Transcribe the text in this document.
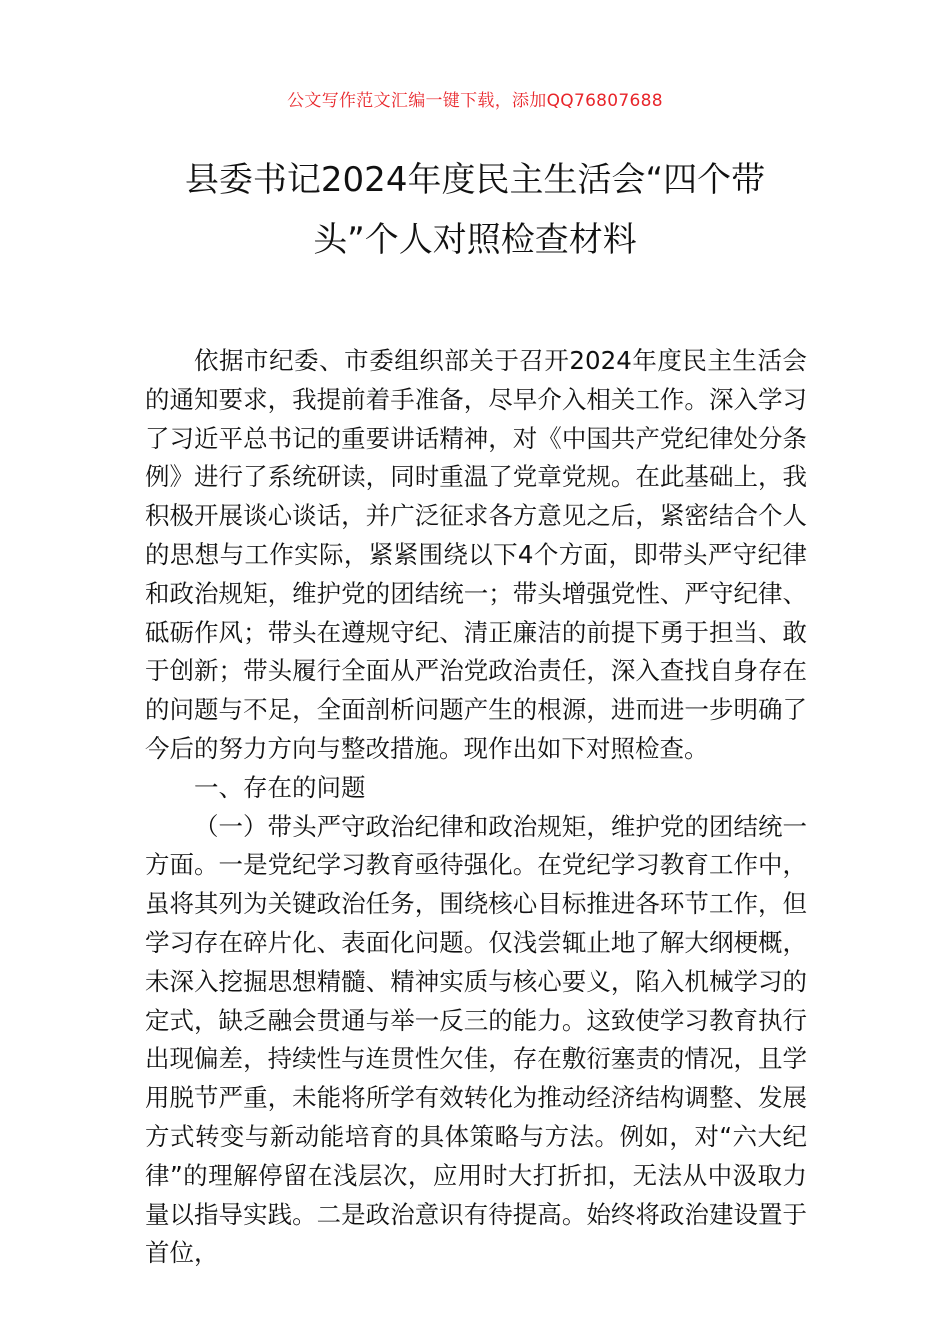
公文写作范文汇编一键下载，添加QQ76807688
县委书记2024年度民主生活会“四个带
头”个人对照检查材料

依据市纪委、市委组织部关于召开2024年度民主生活会的通知要求，我提前着手准备，尽早介入相关工作。深入学习了习近平总书记的重要讲话精神，对《中国共产党纪律处分条例》进行了系统研读，同时重温了党章党规。在此基础上，我积极开展谈心谈话，并广泛征求各方意见之后，紧密结合个人的思想与工作实际，紧紧围绕以下4个方面，即带头严守纪律和政治规矩，维护党的团结统一；带头增强党性、严守纪律、砥砺作风；带头在遵规守纪、清正廉洁的前提下勇于担当、敢于创新；带头履行全面从严治党政治责任，深入查找自身存在的问题与不足，全面剖析问题产生的根源，进而进一步明确了今后的努力方向与整改措施。现作出如下对照检查。

一、存在的问题

（一）带头严守政治纪律和政治规矩，维护党的团结统一方面。一是党纪学习教育亟待强化。在党纪学习教育工作中，虽将其列为关键政治任务，围绕核心目标推进各环节工作，但学习存在碎片化、表面化问题。仅浅尝辄止地了解大纲梗概，未深入挖掘思想精髓、精神实质与核心要义，陷入机械学习的定式，缺乏融会贯通与举一反三的能力。这致使学习教育执行出现偏差，持续性与连贯性欠佳，存在敷衍塞责的情况，且学用脱节严重，未能将所学有效转化为推动经济结构调整、发展方式转变与新动能培育的具体策略与方法。例如，对“六大纪律”的理解停留在浅层次，应用时大打折扣，无法从中汲取力量以指导实践。二是政治意识有待提高。始终将政治建设置于首位，
